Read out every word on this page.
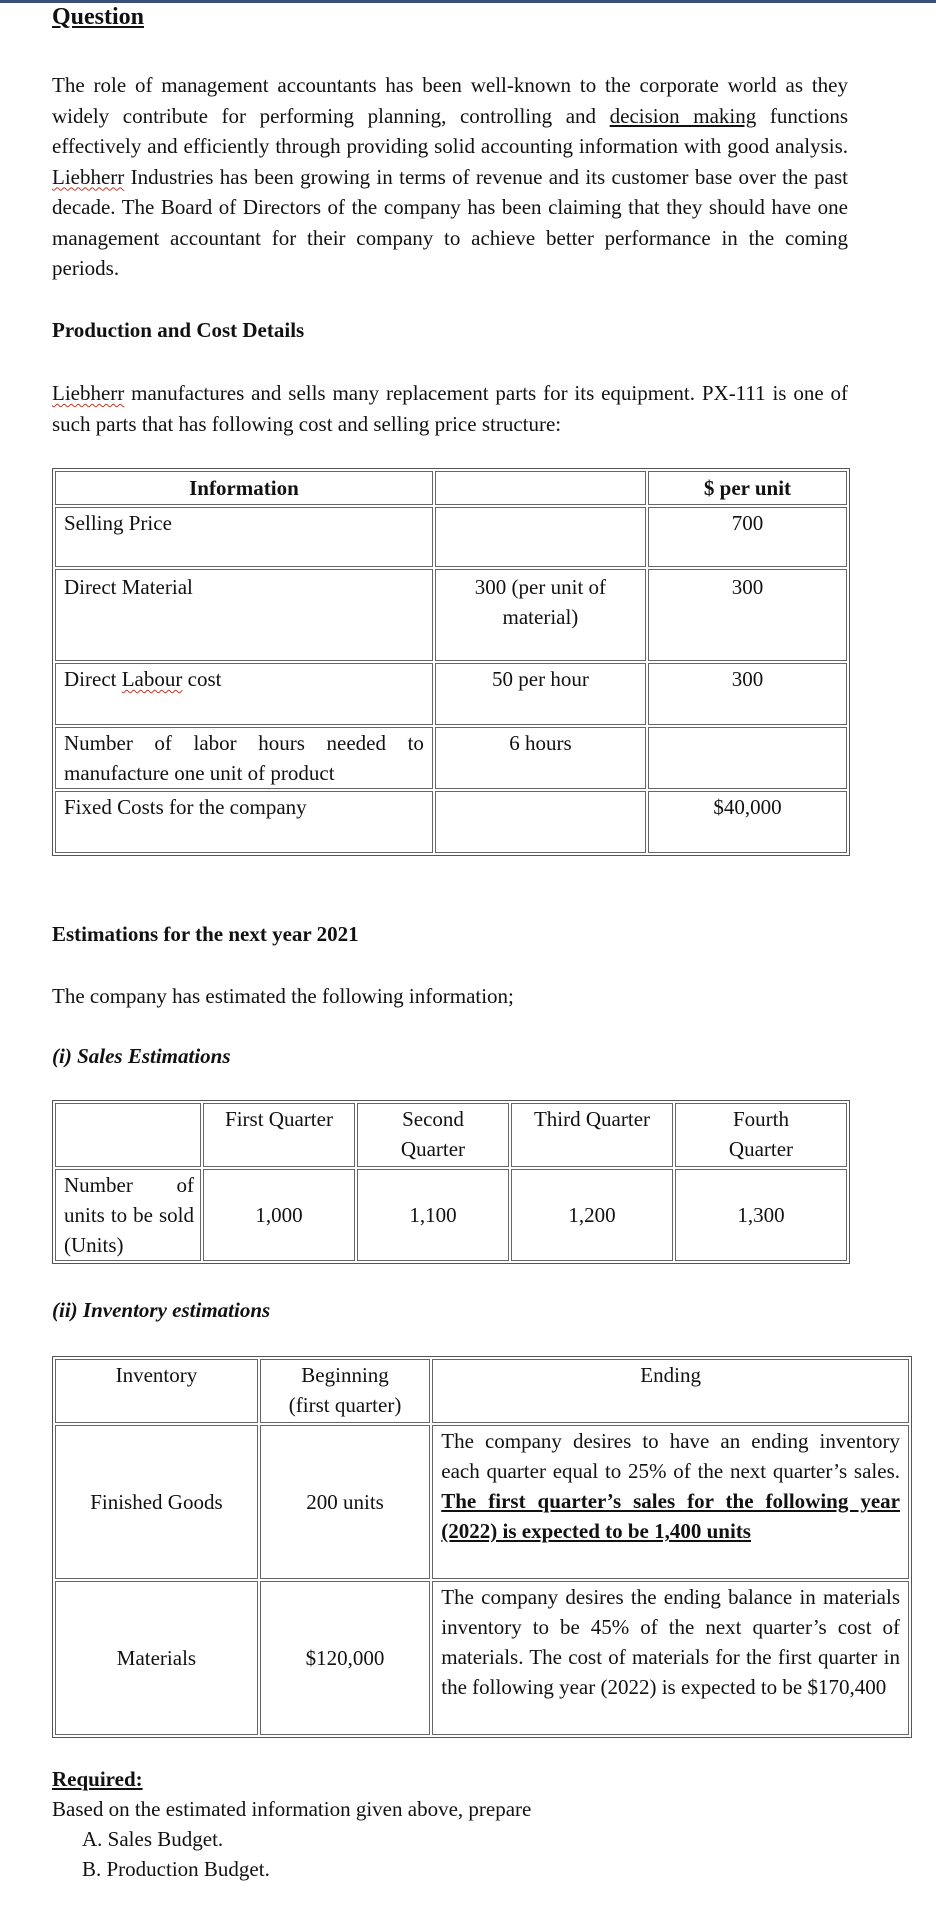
Question
The role of management accountants has been well-known to the corporate world as they widely contribute for performing planning, controlling and decision making functions effectively and efficiently through providing solid accounting information with good analysis. Liebherr Industries has been growing in terms of revenue and its customer base over the past decade. The Board of Directors of the company has been claiming that they should have one management accountant for their company to achieve better performance in the coming periods.
Production and Cost Details
Liebherr manufactures and sells many replacement parts for its equipment. PX-111 is one of such parts that has following cost and selling price structure:
Information		$ per unit
Selling Price		700
Direct Material	300 (per unit of material)	300
Direct Labour cost	50 per hour	300
Number of labor hours needed to manufacture one unit of product	6 hours	
Fixed Costs for the company		$40,000
Estimations for the next year 2021
The company has estimated the following information;
(i) Sales Estimations
	First Quarter	Second Quarter	Third Quarter	Fourth Quarter
Number of units to be sold (Units)	1,000	1,100	1,200	1,300
(ii) Inventory estimations
Inventory	Beginning (first quarter)	Ending
Finished Goods	200 units	The company desires to have an ending inventory each quarter equal to 25% of the next quarter’s sales. The first quarter’s sales for the following year (2022) is expected to be 1,400 units
Materials	$120,000	The company desires the ending balance in materials inventory to be 45% of the next quarter’s cost of materials. The cost of materials for the first quarter in the following year (2022) is expected to be $170,400
Required:
Based on the estimated information given above, prepare
A. Sales Budget.
B. Production Budget.
